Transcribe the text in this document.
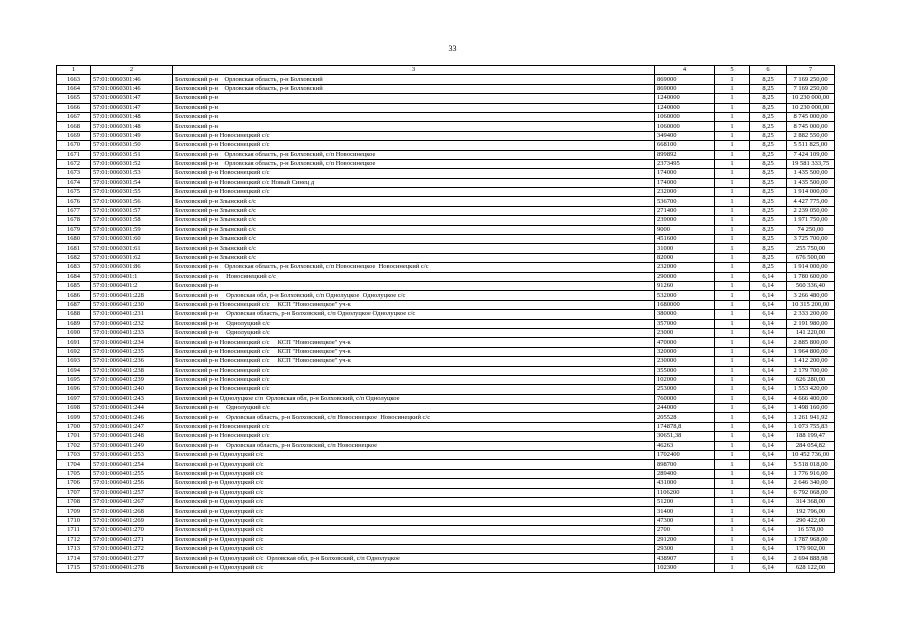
33
1	2	3	4	5	6	7
1663	57:01:0060301:46	Болховский р-н    Орловская область, р-н Болховский	869000	1	8,25	7 169 250,00
1664	57:01:0060301:46	Болховский р-н    Орловская область, р-н Болховский	869000	1	8,25	7 169 250,00
1665	57:01:0060301:47	Болховский р-н	1240000	1	8,25	10 230 000,00
1666	57:01:0060301:47	Болховский р-н	1240000	1	8,25	10 230 000,00
1667	57:01:0060301:48	Болховский р-н	1060000	1	8,25	8 745 000,00
1668	57:01:0060301:48	Болховский р-н	1060000	1	8,25	8 745 000,00
1669	57:01:0060301:49	Болховский р-н Новосинецкий с/с	349400	1	8,25	2 882 550,00
1670	57:01:0060301:50	Болховский р-н Новосинецкий с/с	668100	1	8,25	5 511 825,00
1671	57:01:0060301:51	Болховский р-н    Орловская область, р-н Болховский, с/п Новосинецкое	899892	1	8,25	7 424 109,00
1672	57:01:0060301:52	Болховский р-н    Орловская область, р-н Болховский, с/п Новосинецкое	2373495	1	8,25	19 581 333,75
1673	57:01:0060301:53	Болховский р-н Новосинецкий с/с	174000	1	8,25	1 435 500,00
1674	57:01:0060301:54	Болховский р-н Новосинецкий с/с Новый Синец д	174000	1	8,25	1 435 500,00
1675	57:01:0060301:55	Болховский р-н Новосинецкий с/с	232000	1	8,25	1 914 000,00
1676	57:01:0060301:56	Болховский р-н Злынский с/с	536700	1	8,25	4 427 775,00
1677	57:01:0060301:57	Болховский р-н Злынский с/с	271400	1	8,25	2 239 050,00
1678	57:01:0060301:58	Болховский р-н Злынский с/с	239000	1	8,25	1 971 750,00
1679	57:01:0060301:59	Болховский р-н Злынский с/с	9000	1	8,25	74 250,00
1680	57:01:0060301:60	Болховский р-н Злынский с/с	451600	1	8,25	3 725 700,00
1681	57:01:0060301:61	Болховский р-н Злынский с/с	31000	1	8,25	255 750,00
1682	57:01:0060301:62	Болховский р-н Злынский с/с	82000	1	8,25	676 500,00
1683	57:01:0060301:86	Болховский р-н    Орловская область, р-н Болховский, с/п Новосинецкое  Новосинецкий с/с	232000	1	8,25	1 914 000,00
1684	57:01:0060401:1	Болховский р-н     Новосинецкий с/с	290000	1	6,14	1 780 600,00
1685	57:01:0060401:2	Болховский р-н	91260	1	6,14	560 336,40
1686	57:01:0060401:228	Болховский р-н     Орловская обл, р-н Болховский, с/п Однолуцкое  Однолуцкое с/с	532000	1	6,14	3 266 480,00
1687	57:01:0060401:230	Болховский р-н Новосинецкий с/с     КСП "Новосинецкое" уч-к	1680000	1	6,14	10 315 200,00
1688	57:01:0060401:231	Болховский р-н     Орловская область, р-н Болховский, с/п Однолуцкое Однолуцкое с/с	380000	1	6,14	2 333 200,00
1689	57:01:0060401:232	Болховский р-н     Однолуцкий с/с	357000	1	6,14	2 191 980,00
1690	57:01:0060401:233	Болховский р-н     Однолуцкий с/с	23000	1	6,14	141 220,00
1691	57:01:0060401:234	Болховский р-н Новосинецкий с/с     КСП "Новосинецкое" уч-к	470000	1	6,14	2 885 800,00
1692	57:01:0060401:235	Болховский р-н Новосинецкий с/с     КСП "Новосинецкое" уч-к	320000	1	6,14	1 964 800,00
1693	57:01:0060401:236	Болховский р-н Новосинецкий с/с     КСП "Новосинецкое" уч-к	230000	1	6,14	1 412 200,00
1694	57:01:0060401:238	Болховский р-н Новосинецкий с/с	355000	1	6,14	2 179 700,00
1695	57:01:0060401:239	Болховский р-н Новосинецкий с/с	102000	1	6,14	626 280,00
1696	57:01:0060401:240	Болховский р-н Новосинецкий с/с	253000	1	6,14	1 553 420,00
1697	57:01:0060401:243	Болховский р-н Однолуцкое с/п  Орловская обл, р-н Болховский, с/п Однолуцкое	760000	1	6,14	4 666 400,00
1698	57:01:0060401:244	Болховский р-н     Однолуцкий с/с	244000	1	6,14	1 498 160,00
1699	57:01:0060401:246	Болховский р-н     Орловская область, р-н Болховский, с/п Новосинецкое  Новосинецкий с/с	205528	1	6,14	1 261 941,92
1700	57:01:0060401:247	Болховский р-н Новосинецкий с/с	174878,8	1	6,14	1 073 755,83
1701	57:01:0060401:248	Болховский р-н Новосинецкий с/с	30651,38	1	6,14	188 199,47
1702	57:01:0060401:249	Болховский р-н     Орловская область, р-н Болховский, с/п Новосинецкое	46263	1	6,14	284 054,82
1703	57:01:0060401:253	Болховский р-н Однолуцкий с/с	1702400	1	6,14	10 452 736,00
1704	57:01:0060401:254	Болховский р-н Однолуцкий с/с	898700	1	6,14	5 518 018,00
1705	57:01:0060401:255	Болховский р-н Однолуцкий с/с	289400	1	6,14	1 776 916,00
1706	57:01:0060401:256	Болховский р-н Однолуцкий с/с	431000	1	6,14	2 646 340,00
1707	57:01:0060401:257	Болховский р-н Однолуцкий с/с	1106200	1	6,14	6 792 068,00
1708	57:01:0060401:267	Болховский р-н Однолуцкий с/с	51200	1	6,14	314 368,00
1709	57:01:0060401:268	Болховский р-н Однолуцкий с/с	31400	1	6,14	192 796,00
1710	57:01:0060401:269	Болховский р-н Однолуцкий с/с	47300	1	6,14	290 422,00
1711	57:01:0060401:270	Болховский р-н Однолуцкий с/с	2700	1	6,14	16 578,00
1712	57:01:0060401:271	Болховский р-н Однолуцкий с/с	291200	1	6,14	1 787 968,00
1713	57:01:0060401:272	Болховский р-н Однолуцкий с/с	29300	1	6,14	179 902,00
1714	57:01:0060401:277	Болховский р-н Однолуцкий с/с  Орловская обл, р-н Болховский, с/п Однолуцкое	438907	1	6,14	2 694 888,98
1715	57:01:0060401:278	Болховский р-н Однолуцкий с/с	102300	1	6,14	628 122,00
